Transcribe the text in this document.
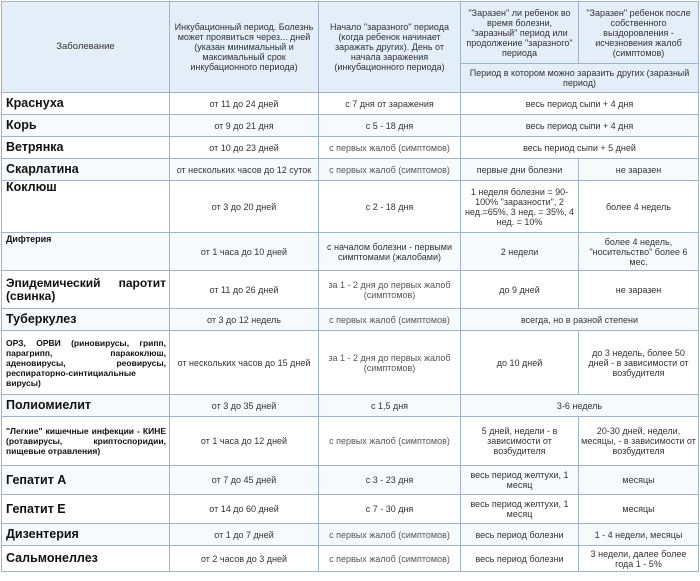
Заболевание	Инкубационный период. Болезнь может проявиться через... дней (указан минимальный и максимальный срок инкубационного периода)	Начало "заразного" периода (когда ребенок начинает заражать других). День от начала заражения (инкубационного периода)	"Заразен" ли ребенок во время болезни, "заразный" период или продолжение "заразного" периода	"Заразен" ребенок после собственного выздоровления - исчезновения жалоб (симптомов)
			Период в котором можно заразить других (заразный период)	
Краснуха	от 11 до 24 дней	с 7 дня от заражения	весь период сыпи + 4 дня	
Корь	от 9 до 21 дня	с 5 - 18 дня	весь период сыпи + 4 дня	
Ветрянка	от 10 до 23 дней	с первых жалоб (симптомов)	весь период сыпи + 5 дней	
Скарлатина	от нескольких часов до 12 суток	с первых жалоб (симптомов)	первые дни болезни	не заразен
Коклюш	от 3 до 20 дней	с 2 - 18 дня	1 неделя болезни = 90-100% "заразности", 2 нед.=65%, 3 нед. = 35%, 4 нед. = 10%	более 4 недель
Дифтерия	от 1 часа до 10 дней	с началом болезни - первыми симптомами (жалобами)	2 недели	более 4 недель, "носительство" более 6 мес.
Эпидемический паротит (свинка)	от 11 до 26 дней	за 1 - 2 дня до первых жалоб (симптомов)	до 9 дней	не заразен
Туберкулез	от 3 до 12 недель	с первых жалоб (симптомов)	всегда, но в разной степени	
ОРЗ, ОРВИ (риновирусы, грипп, парагрипп, паракоклюш, аденовирусы, реовирусы, респираторно-синтициальные вирусы)	от нескольких часов до 15 дней	за 1 - 2 дня до первых жалоб (симптомов)	до 10 дней	до 3 недель, более 50 дней - в зависимости от возбудителя
Полиомиелит	от 3 до 35 дней	с 1,5 дня	3-6 недель	
"Легкие" кишечные инфекции - КИНЕ (ротавирусы, криптоспоридии, пищевые отравления)	от 1 часа до 12 дней	с первых жалоб (симптомов)	5 дней, недели - в зависимости от возбудителя	20-30 дней, недели, месяцы, - в зависимости от возбудителя
Гепатит А	от 7 до 45 дней	с 3 - 23 дня	весь период желтухи, 1 месяц	месяцы
Гепатит Е	от 14 до 60 дней	с 7 - 30 дня	весь период желтухи, 1 месяц	месяцы
Дизентерия	от 1 до 7 дней	с первых жалоб (симптомов)	весь период болезни	1 - 4 недели, месяцы
Сальмонеллез	от 2 часов до 3 дней	с первых жалоб (симптомов)	весь период болезни	3 недели, далее более года 1 - 5%
